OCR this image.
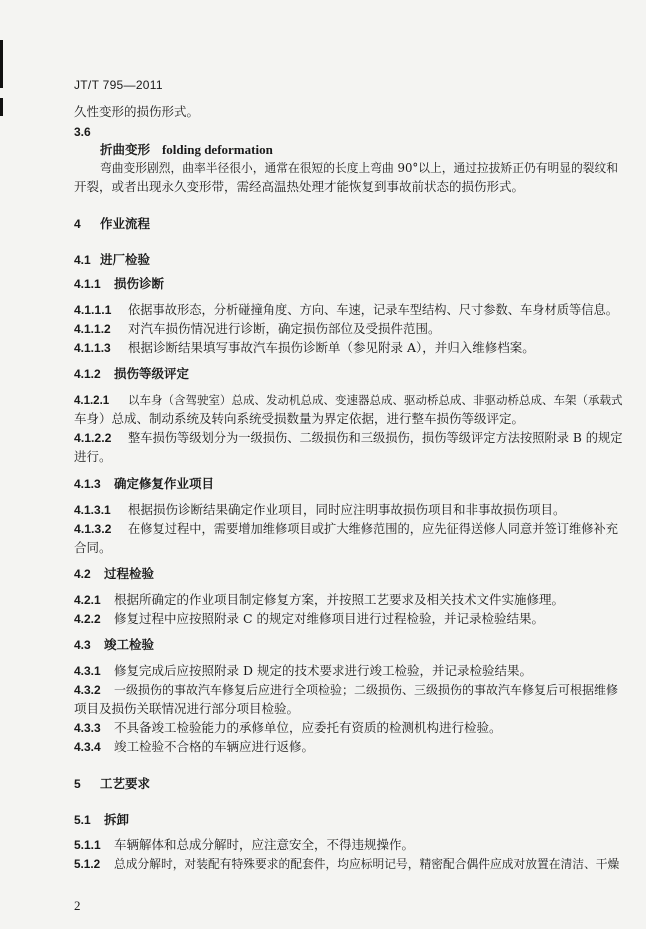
JT/T 795—2011
久性变形的损伤形式。
3.6
折曲变形 folding deformation
弯曲变形剧烈，曲率半径很小，通常在很短的长度上弯曲 90°以上，通过拉拔矫正仍有明显的裂纹和
开裂，或者出现永久变形带，需经高温热处理才能恢复到事故前状态的损伤形式。
4 作业流程
4.1 进厂检验
4.1.1 损伤诊断
4.1.1.1 依据事故形态，分析碰撞角度、方向、车速，记录车型结构、尺寸参数、车身材质等信息。
4.1.1.2 对汽车损伤情况进行诊断，确定损伤部位及受损件范围。
4.1.1.3 根据诊断结果填写事故汽车损伤诊断单（参见附录 A），并归入维修档案。
4.1.2 损伤等级评定
4.1.2.1 以车身（含驾驶室）总成、发动机总成、变速器总成、驱动桥总成、非驱动桥总成、车架（承载式
车身）总成、制动系统及转向系统受损数量为界定依据，进行整车损伤等级评定。
4.1.2.2 整车损伤等级划分为一级损伤、二级损伤和三级损伤，损伤等级评定方法按照附录 B 的规定
进行。
4.1.3 确定修复作业项目
4.1.3.1 根据损伤诊断结果确定作业项目，同时应注明事故损伤项目和非事故损伤项目。
4.1.3.2 在修复过程中，需要增加维修项目或扩大维修范围的，应先征得送修人同意并签订维修补充
合同。
4.2 过程检验
4.2.1 根据所确定的作业项目制定修复方案，并按照工艺要求及相关技术文件实施修理。
4.2.2 修复过程中应按照附录 C 的规定对维修项目进行过程检验，并记录检验结果。
4.3 竣工检验
4.3.1 修复完成后应按照附录 D 规定的技术要求进行竣工检验，并记录检验结果。
4.3.2 一级损伤的事故汽车修复后应进行全项检验；二级损伤、三级损伤的事故汽车修复后可根据维修
项目及损伤关联情况进行部分项目检验。
4.3.3 不具备竣工检验能力的承修单位，应委托有资质的检测机构进行检验。
4.3.4 竣工检验不合格的车辆应进行返修。
5 工艺要求
5.1 拆卸
5.1.1 车辆解体和总成分解时，应注意安全，不得违规操作。
5.1.2 总成分解时，对装配有特殊要求的配套件，均应标明记号，精密配合偶件应成对放置在清洁、干燥
2
